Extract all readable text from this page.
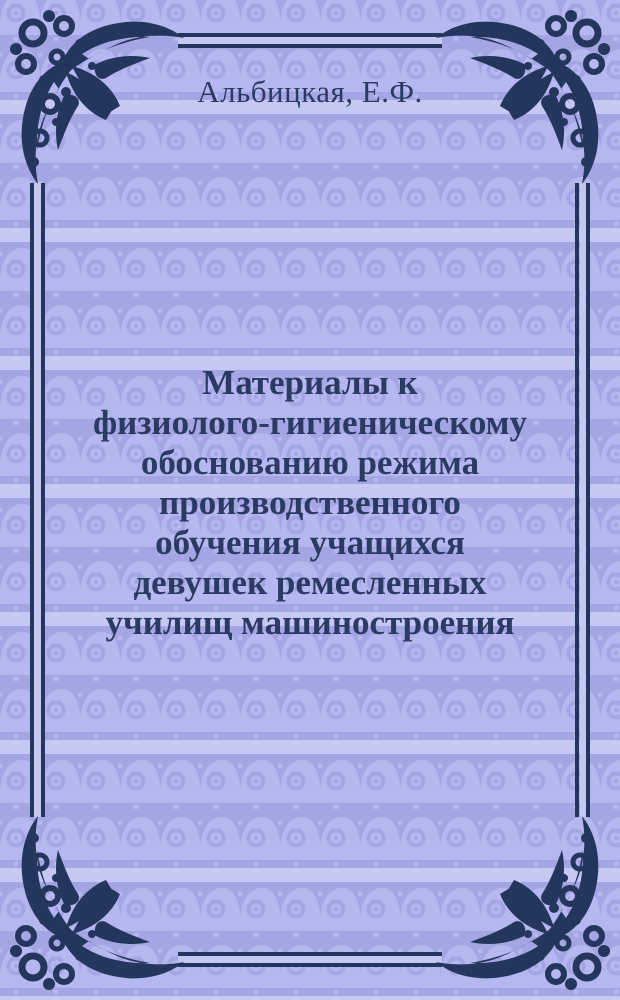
Альбицкая, Е.Ф.
Материалы к
физиолого-гигиеническому
обоснованию режима
производственного
обучения учащихся
девушек ремесленных
училищ машиностроения
